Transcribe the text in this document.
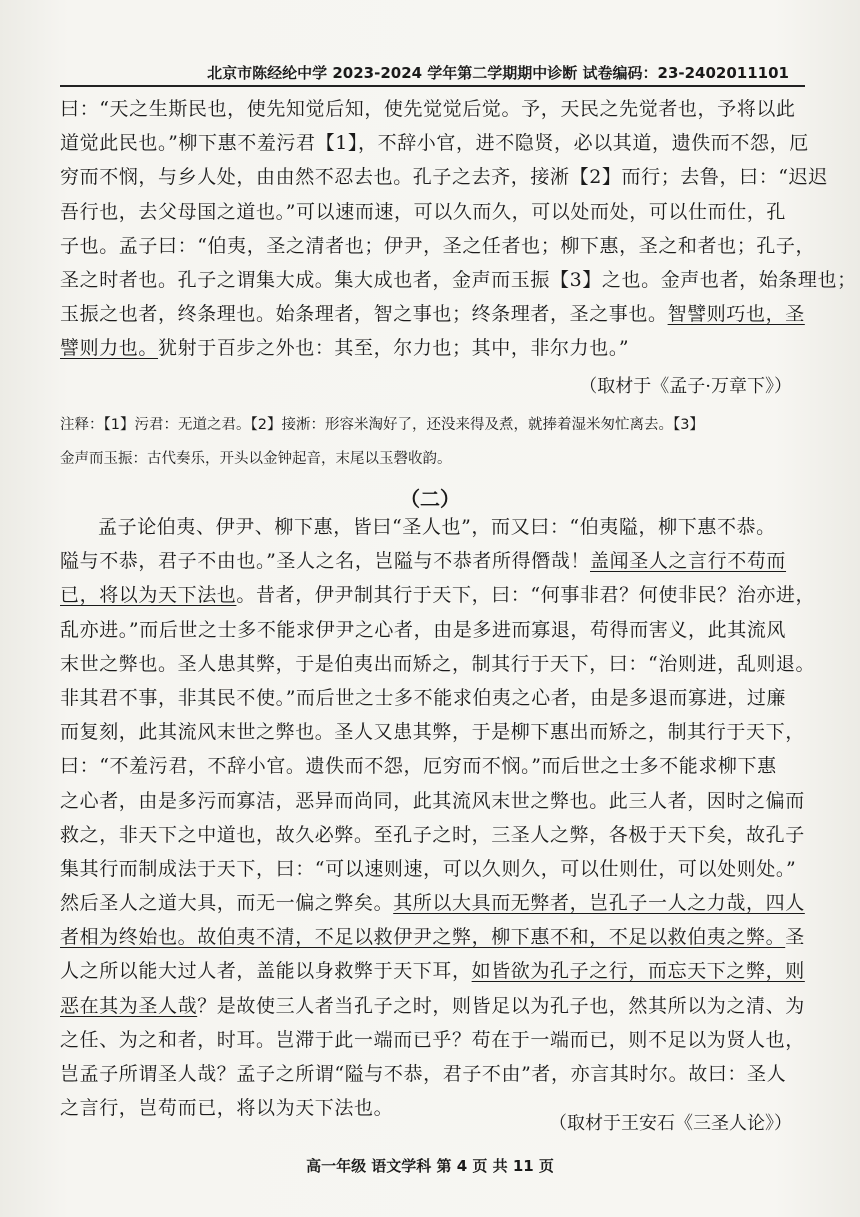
北京市陈经纶中学 2023-2024 学年第二学期期中诊断 试卷编码：23-2402011101
曰：“天之生斯民也，使先知觉后知，使先觉觉后觉。予，天民之先觉者也，予将以此
道觉此民也。”柳下惠不羞污君【1】，不辞小官，进不隐贤，必以其道，遗佚而不怨，厄
穷而不悯，与乡人处，由由然不忍去也。孔子之去齐，接淅【2】而行；去鲁，曰：“迟迟
吾行也，去父母国之道也。”可以速而速，可以久而久，可以处而处，可以仕而仕，孔
子也。孟子曰：“伯夷，圣之清者也；伊尹，圣之任者也；柳下惠，圣之和者也；孔子，
圣之时者也。孔子之谓集大成。集大成也者，金声而玉振【3】之也。金声也者，始条理也；
玉振之也者，终条理也。始条理者，智之事也；终条理者，圣之事也。智譬则巧也，圣
譬则力也。犹射于百步之外也：其至，尔力也；其中，非尔力也。”
（取材于《孟子·万章下》）
注释：【1】污君：无道之君。【2】接淅：形容米淘好了，还没来得及煮，就捧着湿米匆忙离去。【3】
金声而玉振：古代奏乐，开头以金钟起音，末尾以玉磬收韵。
（二）
孟子论伯夷、伊尹、柳下惠，皆曰“圣人也”，而又曰：“伯夷隘，柳下惠不恭。
隘与不恭，君子不由也。”圣人之名，岂隘与不恭者所得僭哉！盖闻圣人之言行不苟而
已，将以为天下法也。昔者，伊尹制其行于天下，曰：“何事非君？何使非民？治亦进，
乱亦进。”而后世之士多不能求伊尹之心者，由是多进而寡退，苟得而害义，此其流风
末世之弊也。圣人患其弊，于是伯夷出而矫之，制其行于天下，曰：“治则进，乱则退。
非其君不事，非其民不使。”而后世之士多不能求伯夷之心者，由是多退而寡进，过廉
而复刻，此其流风末世之弊也。圣人又患其弊，于是柳下惠出而矫之，制其行于天下，
曰：“不羞污君，不辞小官。遗佚而不怨，厄穷而不悯。”而后世之士多不能求柳下惠
之心者，由是多污而寡洁，恶异而尚同，此其流风末世之弊也。此三人者，因时之偏而
救之，非天下之中道也，故久必弊。至孔子之时，三圣人之弊，各极于天下矣，故孔子
集其行而制成法于天下，曰：“可以速则速，可以久则久，可以仕则仕，可以处则处。”
然后圣人之道大具，而无一偏之弊矣。其所以大具而无弊者，岂孔子一人之力哉，四人
者相为终始也。故伯夷不清，不足以救伊尹之弊，柳下惠不和，不足以救伯夷之弊。圣
人之所以能大过人者，盖能以身救弊于天下耳，如皆欲为孔子之行，而忘天下之弊，则
恶在其为圣人哉？是故使三人者当孔子之时，则皆足以为孔子也，然其所以为之清、为
之任、为之和者，时耳。岂滞于此一端而已乎？苟在于一端而已，则不足以为贤人也，
岂孟子所谓圣人哉？孟子之所谓“隘与不恭，君子不由”者，亦言其时尔。故曰：圣人
之言行，岂苟而已，将以为天下法也。
（取材于王安石《三圣人论》）
高一年级 语文学科 第 4 页 共 11 页
